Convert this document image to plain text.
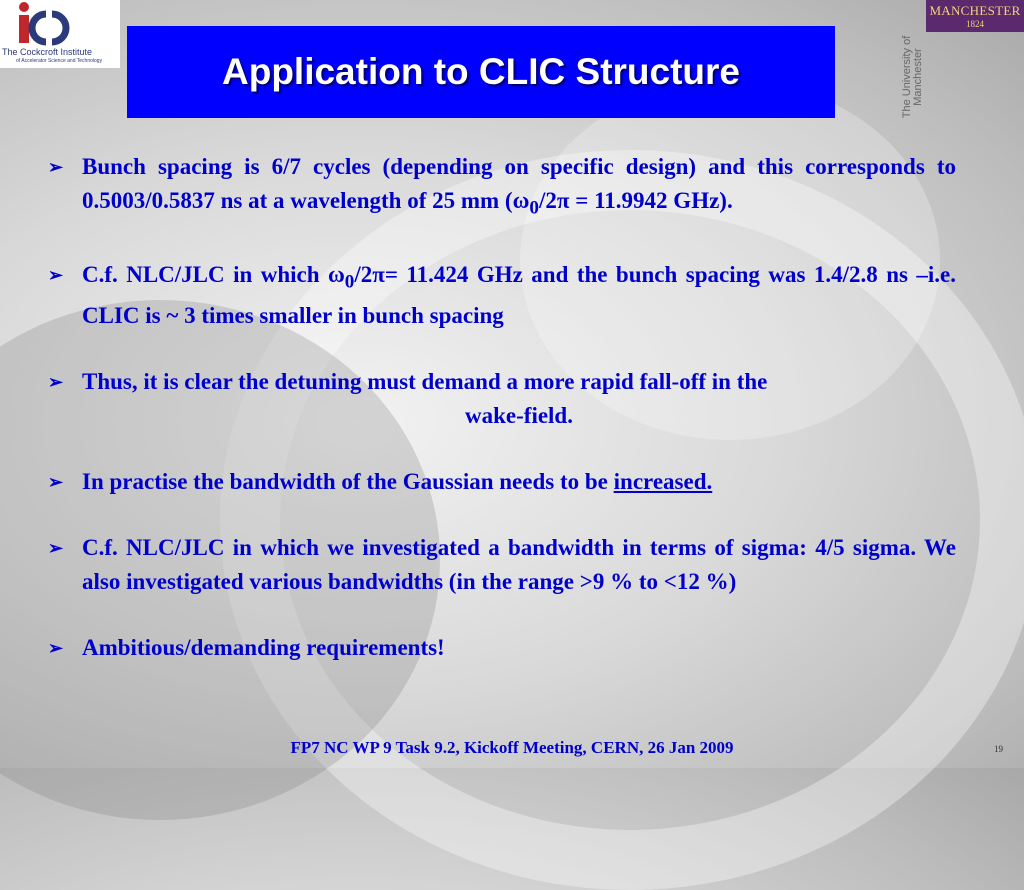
The Cockcroft Institute
of Accelerator Science and Technology	Application to CLIC Structure
MANCHESTER
1824
The University of Manchester
➢ Bunch spacing is 6/7 cycles (depending on specific design) and this corresponds to 0.5003/0.5837 ns at a wavelength of 25 mm ($\omega_0/2\pi = 11.9942$ GHz).
➢ C.f. NLC/JLC in which $\omega_0/2\pi= 11.424$ GHz and the bunch spacing was 1.4/2.8 ns –i.e. CLIC is ~ 3 times smaller in bunch spacing
➢ Thus, it is clear the detuning must demand a more rapid fall-off in the
wake-field.
➢ In practise the bandwidth of the Gaussian needs to be increased.
➢ C.f. NLC/JLC in which we investigated a bandwidth in terms of sigma: 4/5 sigma. We also investigated various bandwidths (in the range >9 % to <12 %)
➢ Ambitious/demanding requirements!
FP7 NC WP 9 Task 9.2, Kickoff Meeting, CERN, 26 Jan 2009	19
